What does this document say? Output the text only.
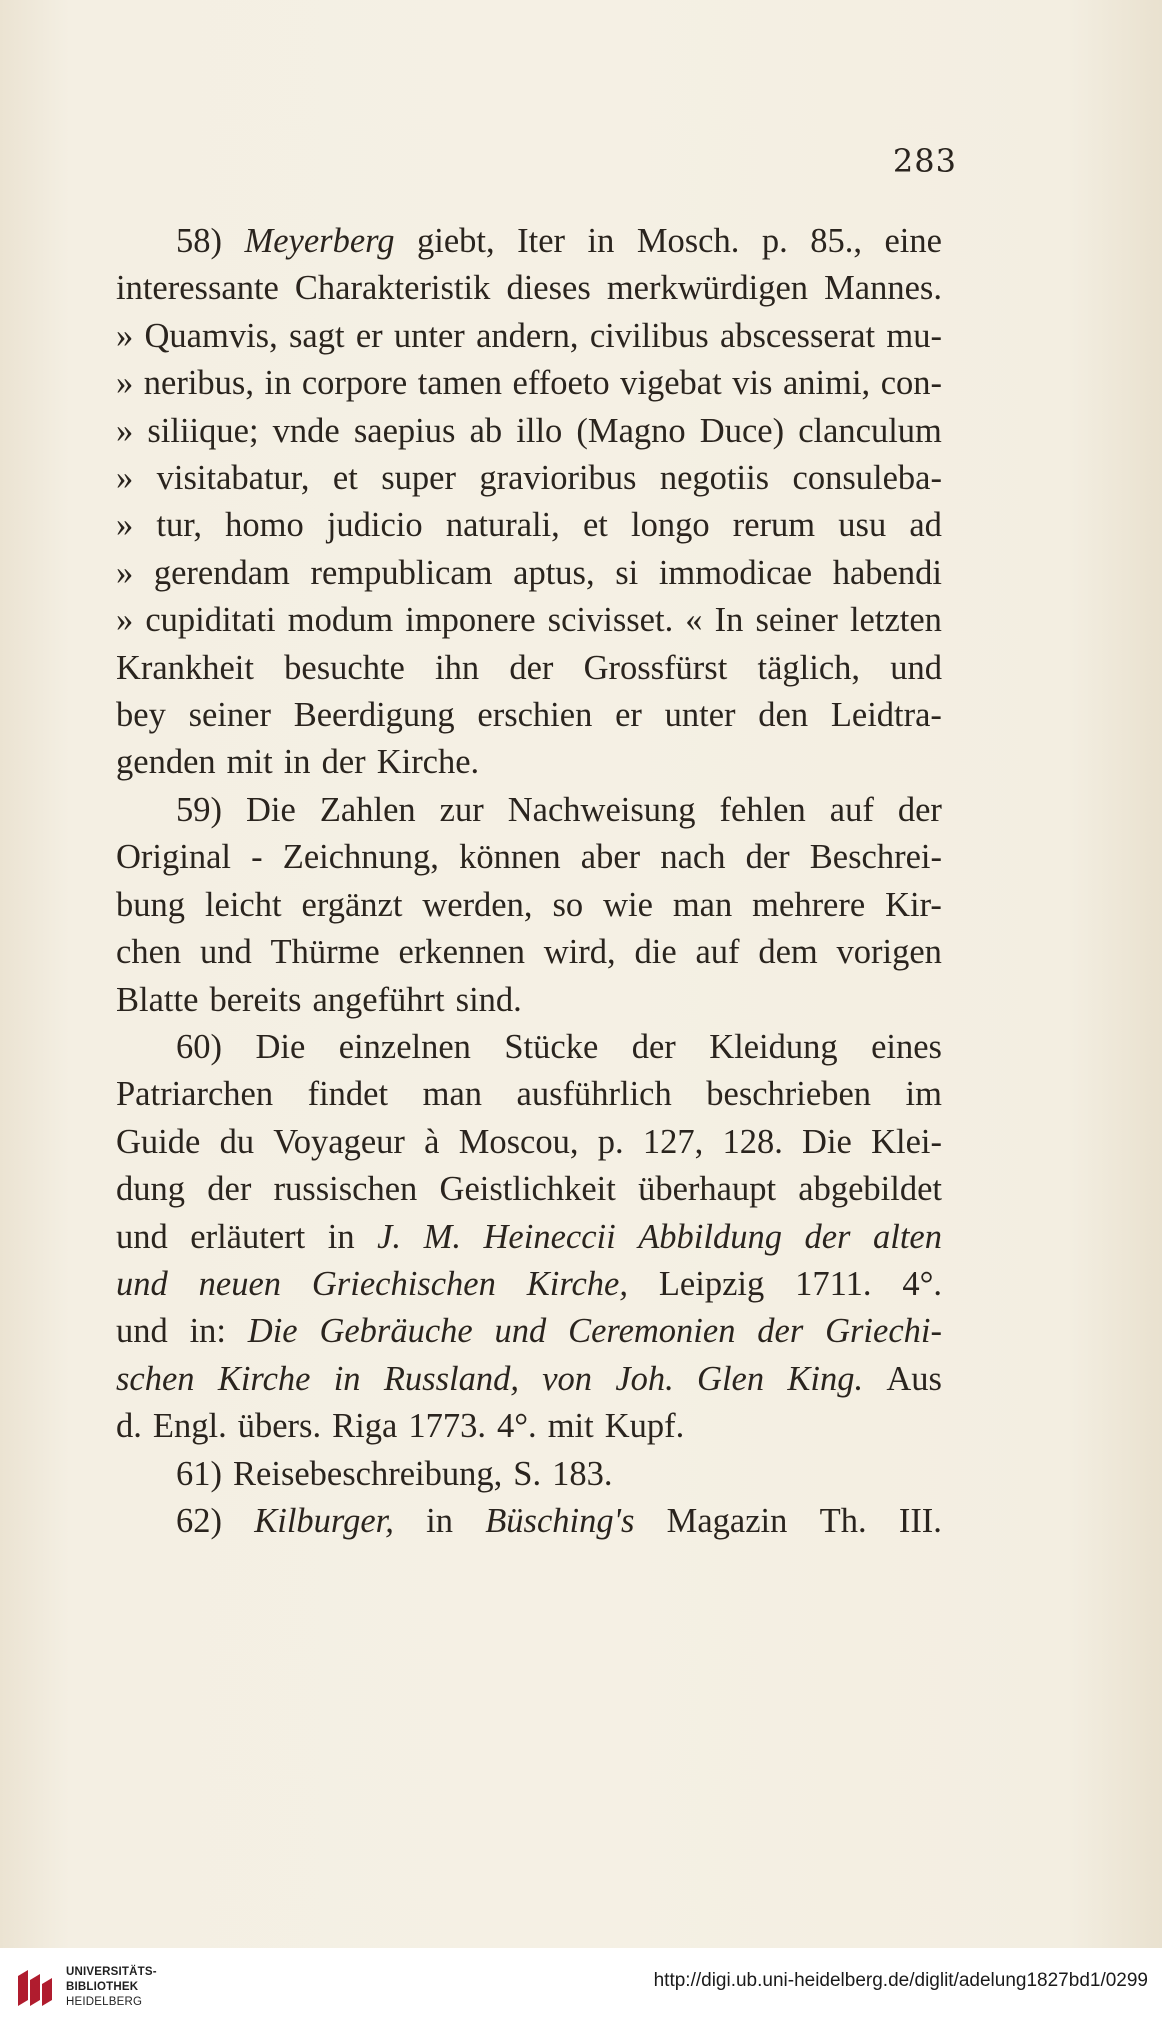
283
58) Meyerberg giebt, Iter in Mosch. p. 85., eine
interessante Charakteristik dieses merkwürdigen Mannes.
» Quamvis, sagt er unter andern, civilibus abscesserat mu-
» neribus, in corpore tamen effoeto vigebat vis animi, con-
» siliique; vnde saepius ab illo (Magno Duce) clanculum
» visitabatur, et super gravioribus negotiis consuleba-
» tur, homo judicio naturali, et longo rerum usu ad
» gerendam rempublicam aptus, si immodicae habendi
» cupiditati modum imponere scivisset. « In seiner letzten
Krankheit besuchte ihn der Grossfürst täglich, und
bey seiner Beerdigung erschien er unter den Leidtra-
genden mit in der Kirche.
59) Die Zahlen zur Nachweisung fehlen auf der
Original - Zeichnung, können aber nach der Beschrei-
bung leicht ergänzt werden, so wie man mehrere Kir-
chen und Thürme erkennen wird, die auf dem vorigen
Blatte bereits angeführt sind.
60) Die einzelnen Stücke der Kleidung eines
Patriarchen findet man ausführlich beschrieben im
Guide du Voyageur à Moscou, p. 127, 128. Die Klei-
dung der russischen Geistlichkeit überhaupt abgebildet
und erläutert in J. M. Heineccii Abbildung der alten
und neuen Griechischen Kirche, Leipzig 1711. 4°.
und in: Die Gebräuche und Ceremonien der Griechi-
schen Kirche in Russland, von Joh. Glen King. Aus
d. Engl. übers. Riga 1773. 4°. mit Kupf.
61) Reisebeschreibung, S. 183.
62) Kilburger, in Büsching's Magazin Th. III.
UNIVERSITÄTS-
BIBLIOTHEK
HEIDELBERG
http://digi.ub.uni-heidelberg.de/diglit/adelung1827bd1/0299
